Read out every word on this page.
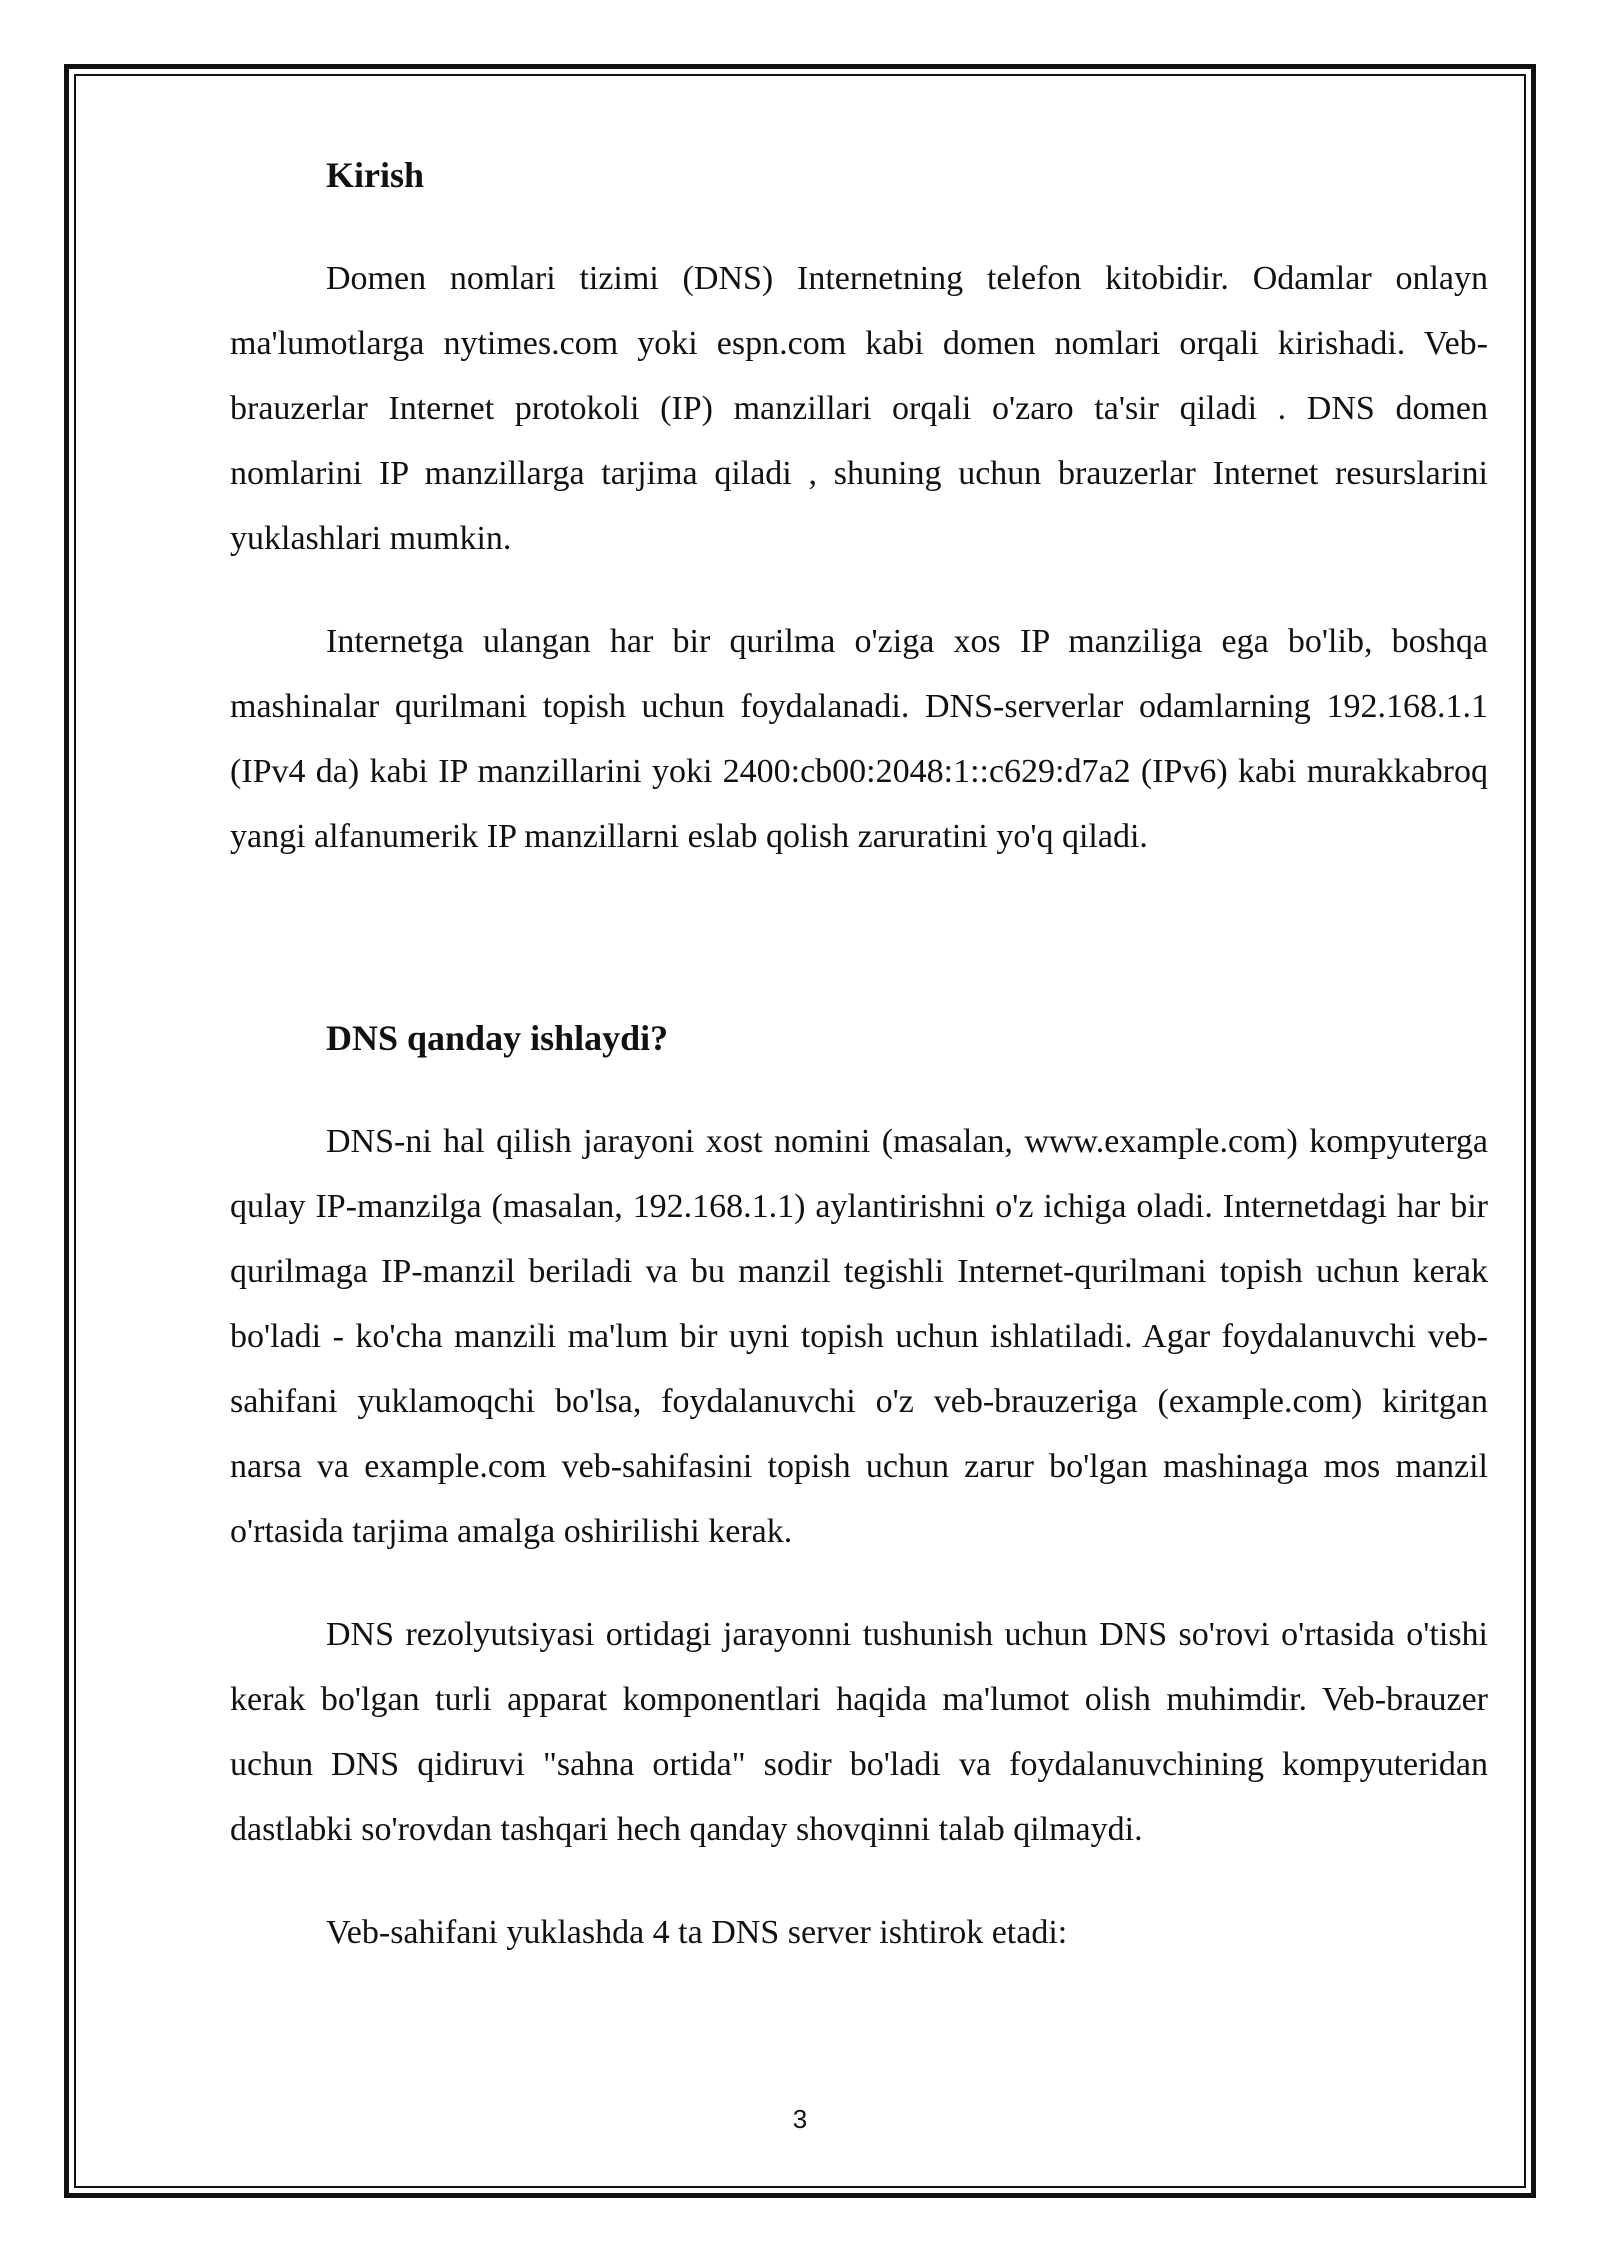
Kirish

Domen nomlari tizimi (DNS) Internetning telefon kitobidir. Odamlar onlayn ma'lumotlarga nytimes.com yoki espn.com kabi domen nomlari orqali kirishadi. Veb-brauzerlar Internet protokoli (IP) manzillari orqali o'zaro ta'sir qiladi . DNS domen nomlarini IP manzillarga tarjima qiladi , shuning uchun brauzerlar Internet resurslarini yuklashlari mumkin.

Internetga ulangan har bir qurilma o'ziga xos IP manziliga ega bo'lib, boshqa mashinalar qurilmani topish uchun foydalanadi. DNS-serverlar odamlarning 192.168.1.1 (IPv4 da) kabi IP manzillarini yoki 2400:cb00:2048:1::c629:d7a2 (IPv6) kabi murakkabroq yangi alfanumerik IP manzillarni eslab qolish zaruratini yo'q qiladi.

DNS qanday ishlaydi?

DNS-ni hal qilish jarayoni xost nomini (masalan, www.example.com) kompyuterga qulay IP-manzilga (masalan, 192.168.1.1) aylantirishni o'z ichiga oladi. Internetdagi har bir qurilmaga IP-manzil beriladi va bu manzil tegishli Internet-qurilmani topish uchun kerak bo'ladi - ko'cha manzili ma'lum bir uyni topish uchun ishlatiladi. Agar foydalanuvchi veb-sahifani yuklamoqchi bo'lsa, foydalanuvchi o'z veb-brauzeriga (example.com) kiritgan narsa va example.com veb-sahifasini topish uchun zarur bo'lgan mashinaga mos manzil o'rtasida tarjima amalga oshirilishi kerak.

DNS rezolyutsiyasi ortidagi jarayonni tushunish uchun DNS so'rovi o'rtasida o'tishi kerak bo'lgan turli apparat komponentlari haqida ma'lumot olish muhimdir. Veb-brauzer uchun DNS qidiruvi "sahna ortida" sodir bo'ladi va foydalanuvchining kompyuteridan dastlabki so'rovdan tashqari hech qanday shovqinni talab qilmaydi.

Veb-sahifani yuklashda 4 ta DNS server ishtirok etadi:

3
